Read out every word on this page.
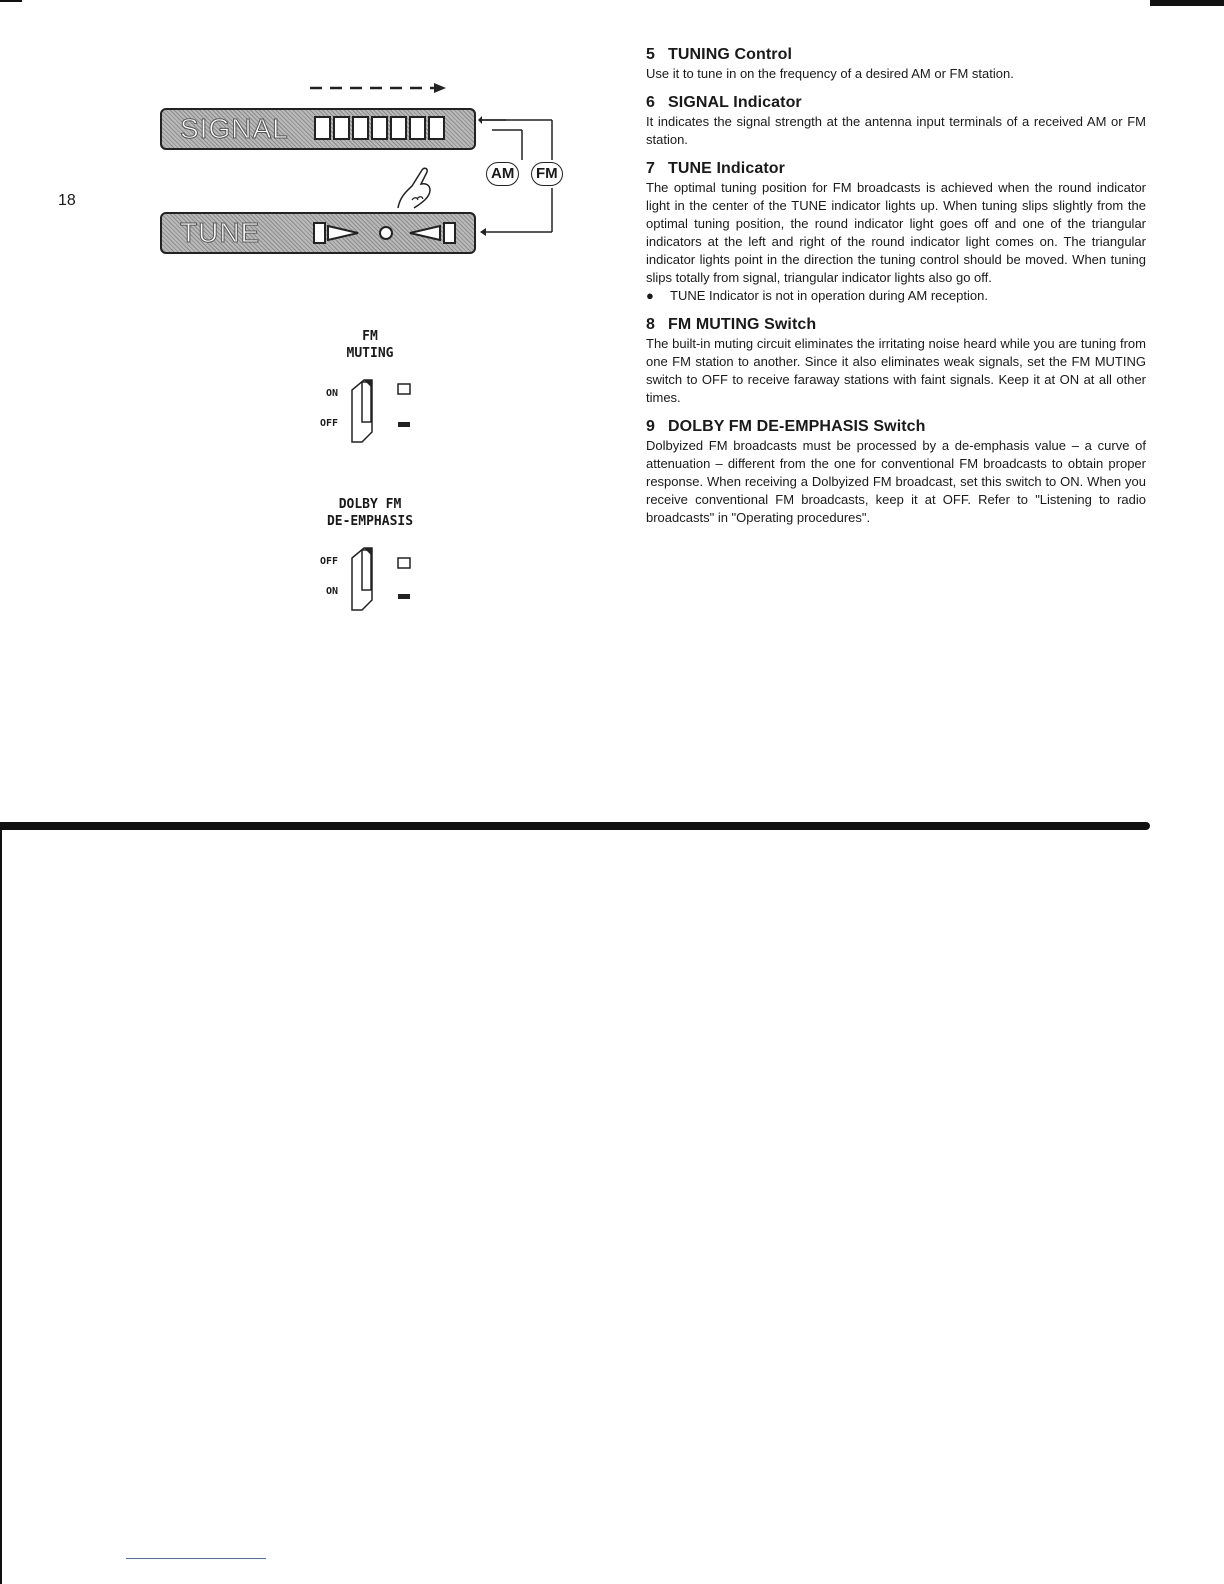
18
SIGNAL
TUNE
AM	FM
FM
MUTING
ON
OFF
DOLBY FM
DE-EMPHASIS
OFF
ON
5 TUNING Control

Use it to tune in on the frequency of a desired AM or FM station.

6 SIGNAL Indicator

It indicates the signal strength at the antenna input terminals of a received AM or FM station.

7 TUNE Indicator

The optimal tuning position for FM broadcasts is achieved when the round indicator light in the center of the TUNE indicator lights up. When tuning slips slightly from the optimal tuning position, the round indicator light goes off and one of the triangular indicators at the left and right of the round indicator light comes on. The triangular indicator lights point in the direction the tuning control should be moved. When tuning slips totally from signal, triangular indicator lights also go off.

● TUNE Indicator is not in operation during AM reception.
8 FM MUTING Switch

The built-in muting circuit eliminates the irritating noise heard while you are tuning from one FM station to another. Since it also eliminates weak signals, set the FM MUTING switch to OFF to receive faraway stations with faint signals. Keep it at ON at all other times.

9 DOLBY FM DE-EMPHASIS Switch

Dolbyized FM broadcasts must be processed by a de-emphasis value – a curve of attenuation – different from the one for conventional FM broadcasts to obtain proper response. When receiving a Dolbyized FM broadcast, set this switch to ON. When you receive conventional FM broadcasts, keep it at OFF. Refer to "Listening to radio broadcasts" in "Operating procedures".
